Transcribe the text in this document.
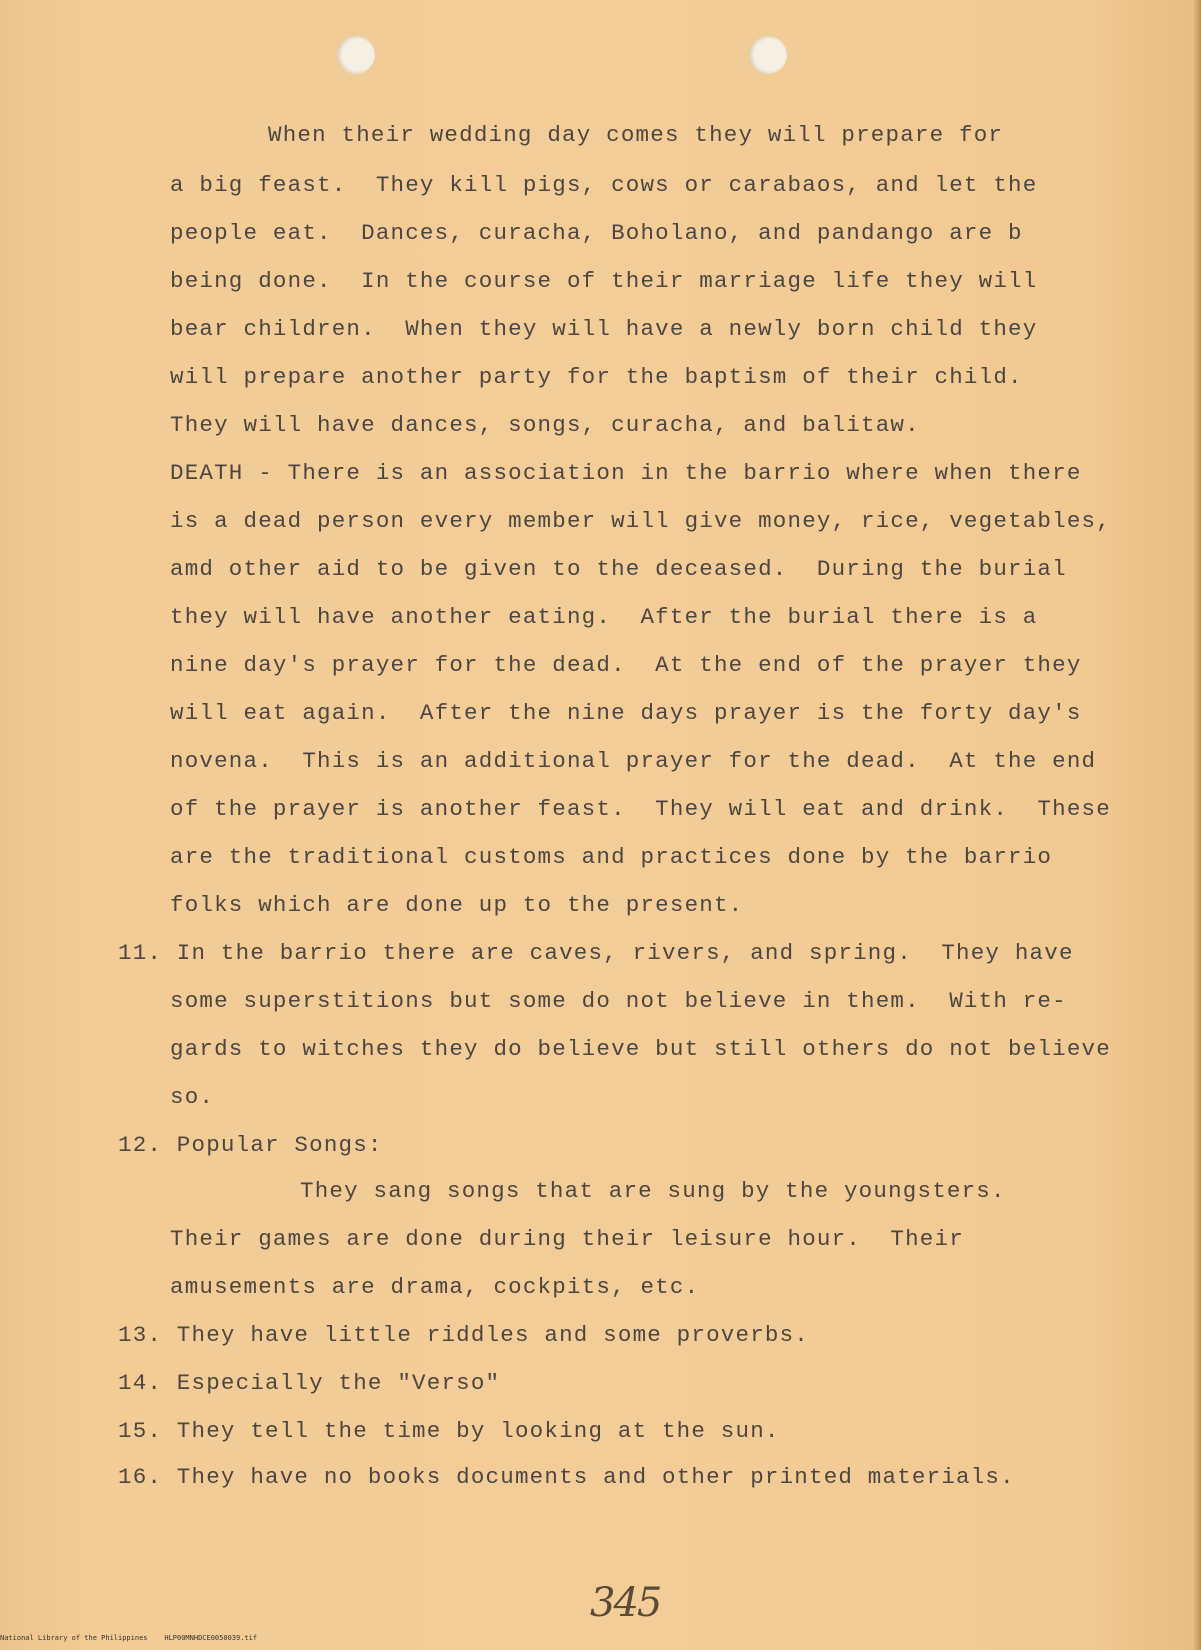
When their wedding day comes they will prepare for
a big feast.  They kill pigs, cows or carabaos, and let the
people eat.  Dances, curacha, Boholano, and pandango are b
being done.  In the course of their marriage life they will
bear children.  When they will have a newly born child they
will prepare another party for the baptism of their child.
They will have dances, songs, curacha, and balitaw.
DEATH - There is an association in the barrio where when there
is a dead person every member will give money, rice, vegetables,
amd other aid to be given to the deceased.  During the burial
they will have another eating.  After the burial there is a
nine day's prayer for the dead.  At the end of the prayer they
will eat again.  After the nine days prayer is the forty day's
novena.  This is an additional prayer for the dead.  At the end
of the prayer is another feast.  They will eat and drink.  These
are the traditional customs and practices done by the barrio
folks which are done up to the present.
11. In the barrio there are caves, rivers, and spring.  They have
some superstitions but some do not believe in them.  With re-
gards to witches they do believe but still others do not believe
so.
12. Popular Songs:
They sang songs that are sung by the youngsters.
Their games are done during their leisure hour.  Their
amusements are drama, cockpits, etc.
13. They have little riddles and some proverbs.
14. Especially the "Verso"
15. They tell the time by looking at the sun.
16. They have no books documents and other printed materials.
345
National Library of the Philippines    HLP00MNHDCE0050039.tif
